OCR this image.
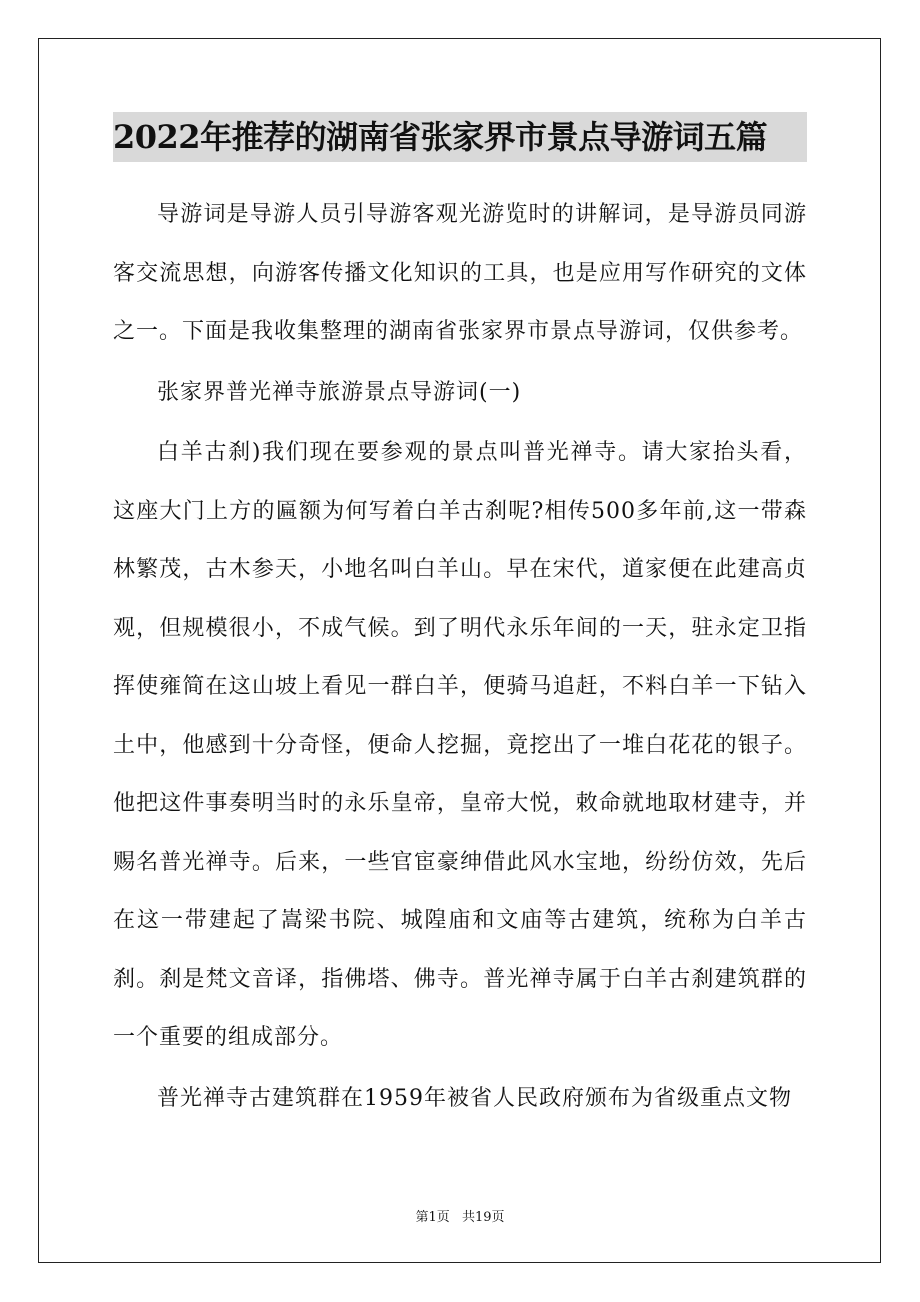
2022年推荐的湖南省张家界市景点导游词五篇

导游词是导游人员引导游客观光游览时的讲解词，是导游员同游客交流思想，向游客传播文化知识的工具，也是应用写作研究的文体之一。下面是我收集整理的湖南省张家界市景点导游词，仅供参考。

张家界普光禅寺旅游景点导游词(一)

白羊古刹)我们现在要参观的景点叫普光禅寺。请大家抬头看，这座大门上方的匾额为何写着白羊古刹呢?相传500多年前,这一带森林繁茂，古木参天，小地名叫白羊山。早在宋代，道家便在此建高贞观，但规模很小，不成气候。到了明代永乐年间的一天，驻永定卫指挥使雍简在这山坡上看见一群白羊，便骑马追赶，不料白羊一下钻入土中，他感到十分奇怪，便命人挖掘，竟挖出了一堆白花花的银子。他把这件事奏明当时的永乐皇帝，皇帝大悦，敕命就地取材建寺，并赐名普光禅寺。后来，一些官宦豪绅借此风水宝地，纷纷仿效，先后在这一带建起了嵩梁书院、城隍庙和文庙等古建筑，统称为白羊古刹。刹是梵文音译，指佛塔、佛寺。普光禅寺属于白羊古刹建筑群的一个重要的组成部分。

普光禅寺古建筑群在1959年被省人民政府颁布为省级重点文物

第1页 共19页
